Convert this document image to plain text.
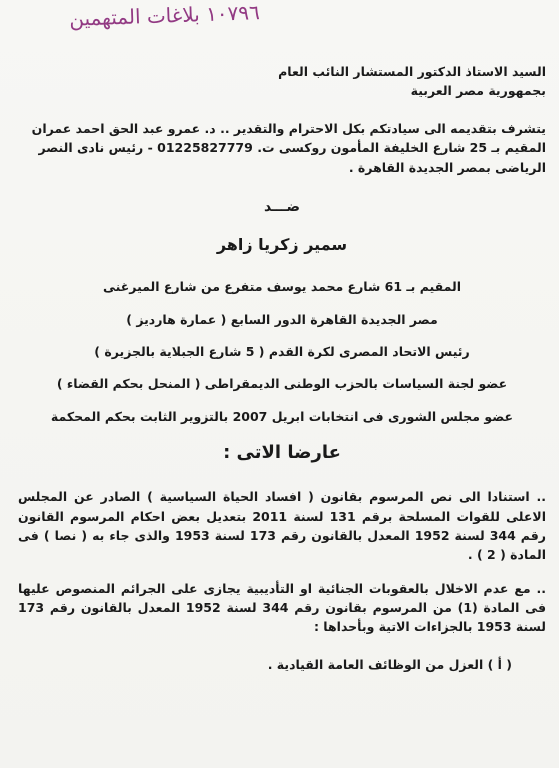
١٠٧٩٦ بلاغات المتهمين

السيد الاستاذ الدكتور المستشار النائب العام

بجمهورية مصر العربية

يتشرف بتقديمه الى سيادتكم بكل الاحترام والتقدير .. د. عمرو عبد الحق احمد عمران المقيم بـ 25 شارع الخليفة المأمون روكسى ت. 01225827779 - رئيس نادى النصر الرياضى بمصر الجديدة القاهرة .

ضـــد
سمير زكريا زاهر

المقيم بـ 61 شارع محمد يوسف متفرع من شارع الميرغنى

مصر الجديدة القاهرة الدور السابع ( عمارة هارديز )

رئيس الاتحاد المصرى لكرة القدم ( 5 شارع الجبلاية بالجزيرة )

عضو لجنة السياسات بالحزب الوطنى الديمقراطى ( المنحل بحكم القضاء )

عضو مجلس الشورى فى انتخابات ابريل 2007 بالتزوير الثابت بحكم المحكمة

عارضا الاتى :

.. استنادا الى نص المرسوم بقانون ( افساد الحياة السياسية ) الصادر عن المجلس الاعلى للقوات المسلحة برقم 131 لسنة 2011 بتعديل بعض احكام المرسوم القانون رقم 344 لسنة 1952 المعدل بالقانون رقم 173 لسنة 1953 والذى جاء به ( نصا ) فى المادة ( 2 ) .

.. مع عدم الاخلال بالعقوبات الجنائية او التأديبية يجازى على الجرائم المنصوص عليها فى المادة (1) من المرسوم بقانون رقم 344 لسنة 1952 المعدل بالقانون رقم 173 لسنة 1953 بالجزاءات الاتية وبأحداها :

( أ ) العزل من الوظائف العامة القيادية .
